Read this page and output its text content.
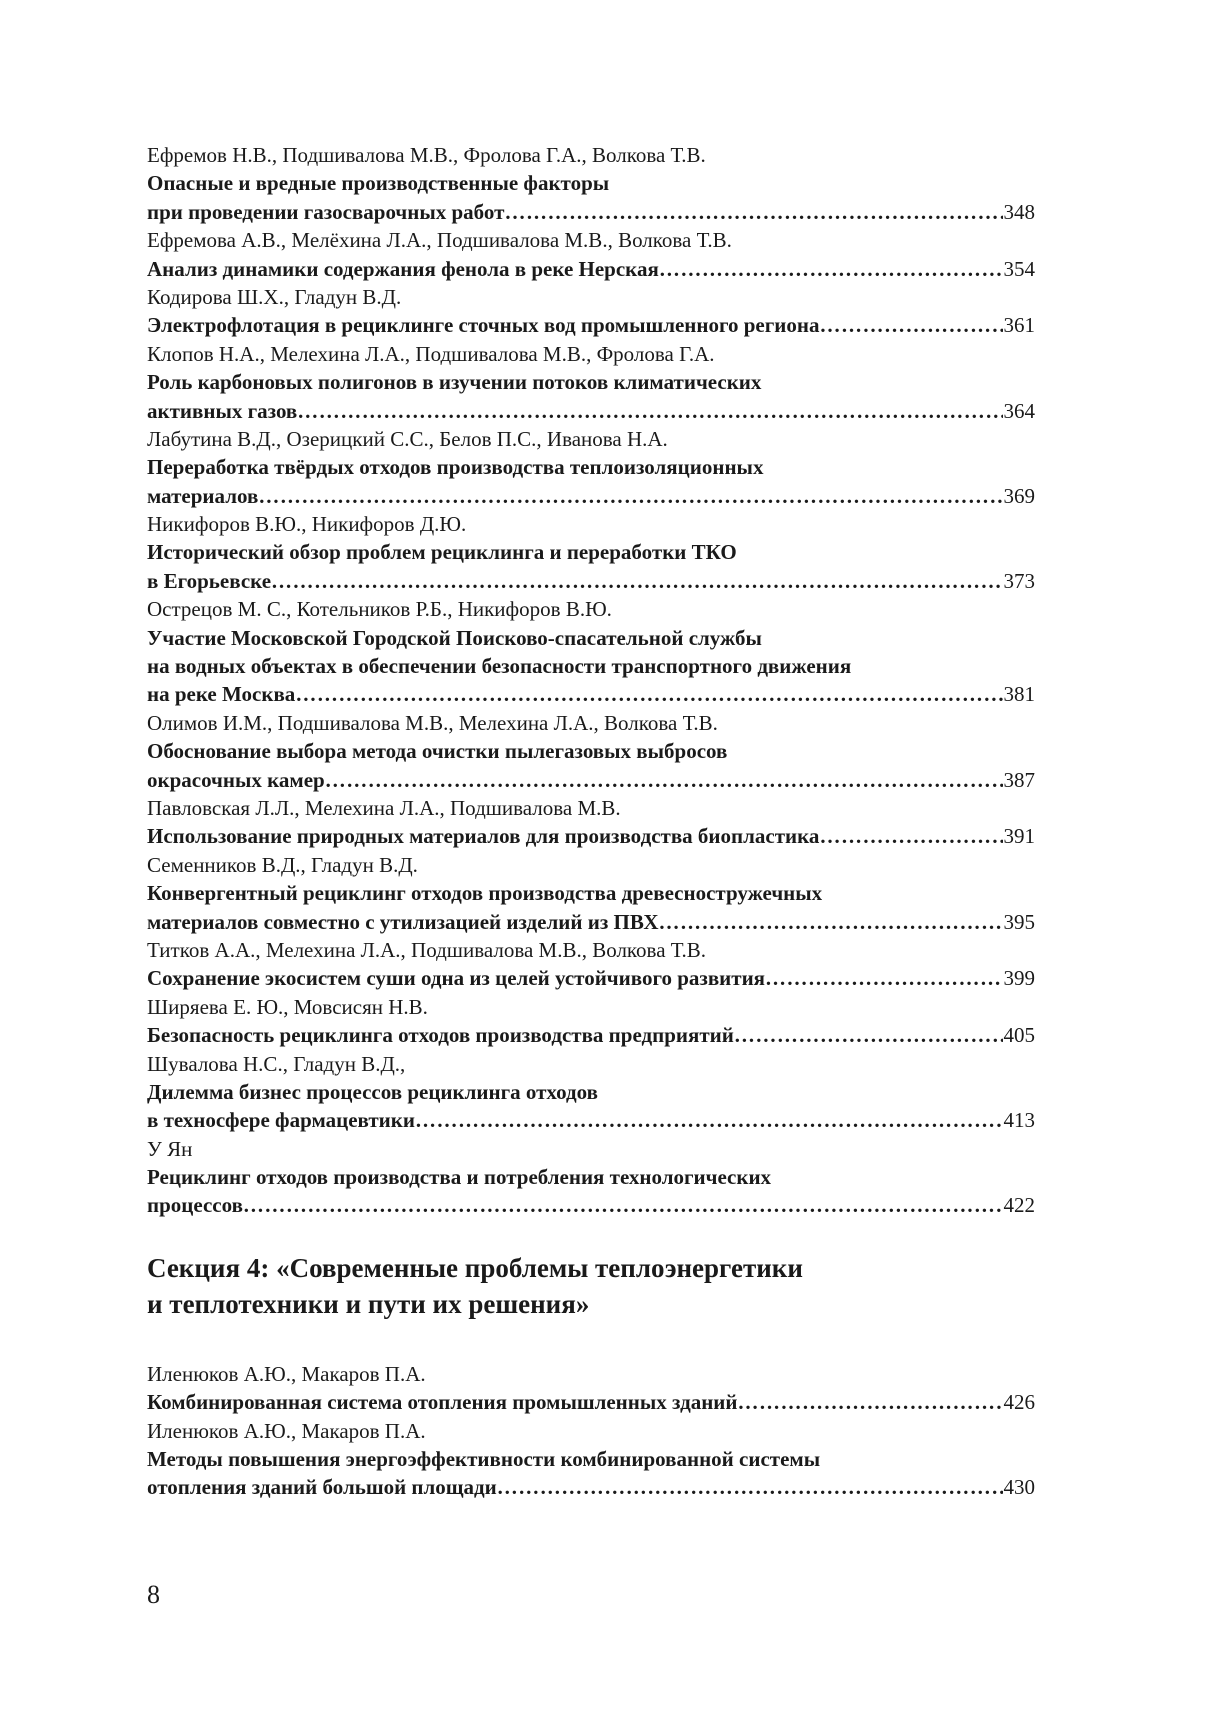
Ефремов Н.В., Подшивалова М.В., Фролова Г.А., Волкова Т.В.
Опасные и вредные производственные факторы
при проведении газосварочных работ ……………………………………………………………………………………………………………………………………………………………………	348
Ефремова А.В., Мелёхина Л.А., Подшивалова М.В., Волкова Т.В.
Анализ динамики содержания фенола в реке Нерская ……………………………………………………………………………………………………………………………………………………………………	354
Кодирова Ш.Х., Гладун В.Д.
Электрофлотация в рециклинге сточных вод промышленного региона ……………………………………………………………………………………………………………………………………………………………………	361
Клопов Н.А., Мелехина Л.А., Подшивалова М.В., Фролова Г.А.
Роль карбоновых полигонов в изучении потоков климатических
активных газов ……………………………………………………………………………………………………………………………………………………………………	364
Лабутина В.Д., Озерицкий С.С., Белов П.С., Иванова Н.А.
Переработка твёрдых отходов производства теплоизоляционных
материалов ……………………………………………………………………………………………………………………………………………………………………	369
Никифоров В.Ю., Никифоров Д.Ю.
Исторический обзор проблем рециклинга и переработки ТКО
в Егорьевске ……………………………………………………………………………………………………………………………………………………………………	373
Острецов М. С., Котельников Р.Б., Никифоров В.Ю.
Участие Московской Городской Поисково-спасательной службы
на водных объектах в обеспечении безопасности транспортного движения
на реке Москва ……………………………………………………………………………………………………………………………………………………………………	381
Олимов И.М., Подшивалова М.В., Мелехина Л.А., Волкова Т.В.
Обоснование выбора метода очистки пылегазовых выбросов
окрасочных камер ……………………………………………………………………………………………………………………………………………………………………	387
Павловская Л.Л., Мелехина Л.А., Подшивалова М.В.
Использование природных материалов для производства биопластика ……………………………………………………………………………………………………………………………………………………………………	391
Семенников В.Д., Гладун В.Д.
Конвергентный рециклинг отходов производства древесностружечных
материалов совместно с утилизацией изделий из ПВХ ……………………………………………………………………………………………………………………………………………………………………	395
Титков А.А., Мелехина Л.А., Подшивалова М.В., Волкова Т.В.
Сохранение экосистем суши одна из целей устойчивого развития ……………………………………………………………………………………………………………………………………………………………………	399
Ширяева Е. Ю., Мовсисян Н.В.
Безопасность рециклинга отходов производства предприятий ……………………………………………………………………………………………………………………………………………………………………	405
Шувалова Н.С., Гладун В.Д.,
Дилемма бизнес процессов рециклинга отходов
в техносфере фармацевтики ……………………………………………………………………………………………………………………………………………………………………	413
У Ян
Рециклинг отходов производства и потребления технологических
процессов ……………………………………………………………………………………………………………………………………………………………………	422
Секция 4: «Современные проблемы теплоэнергетики
и теплотехники и пути их решения»
Иленюков А.Ю., Макаров П.А.
Комбинированная система отопления промышленных зданий ……………………………………………………………………………………………………………………………………………………………………	426
Иленюков А.Ю., Макаров П.А.
Методы повышения энергоэффективности комбинированной системы
отопления зданий большой площади ……………………………………………………………………………………………………………………………………………………………………	430
8
